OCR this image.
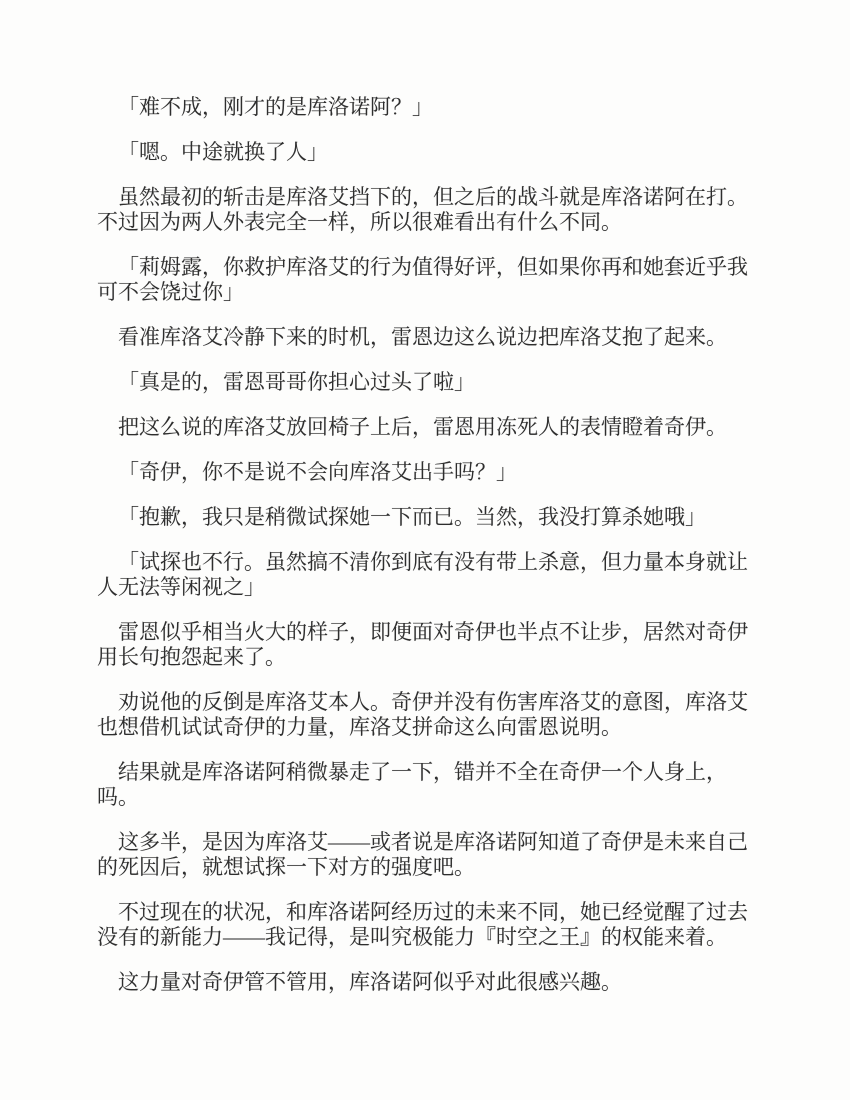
「难不成，刚才的是库洛诺阿？」

「嗯。中途就换了人」

虽然最初的斩击是库洛艾挡下的，但之后的战斗就是库洛诺阿在打。不过因为两人外表完全一样，所以很难看出有什么不同。

「莉姆露，你救护库洛艾的行为值得好评，但如果你再和她套近乎我可不会饶过你」

看准库洛艾冷静下来的时机，雷恩边这么说边把库洛艾抱了起来。

「真是的，雷恩哥哥你担心过头了啦」

把这么说的库洛艾放回椅子上后，雷恩用冻死人的表情瞪着奇伊。

「奇伊，你不是说不会向库洛艾出手吗？」

「抱歉，我只是稍微试探她一下而已。当然，我没打算杀她哦」

「试探也不行。虽然搞不清你到底有没有带上杀意，但力量本身就让人无法等闲视之」

雷恩似乎相当火大的样子，即便面对奇伊也半点不让步，居然对奇伊用长句抱怨起来了。

劝说他的反倒是库洛艾本人。奇伊并没有伤害库洛艾的意图，库洛艾也想借机试试奇伊的力量，库洛艾拼命这么向雷恩说明。

结果就是库洛诺阿稍微暴走了一下，错并不全在奇伊一个人身上，吗。

这多半，是因为库洛艾——或者说是库洛诺阿知道了奇伊是未来自己的死因后，就想试探一下对方的强度吧。

不过现在的状况，和库洛诺阿经历过的未来不同，她已经觉醒了过去没有的新能力——我记得，是叫究极能力『时空之王』的权能来着。

这力量对奇伊管不管用，库洛诺阿似乎对此很感兴趣。
